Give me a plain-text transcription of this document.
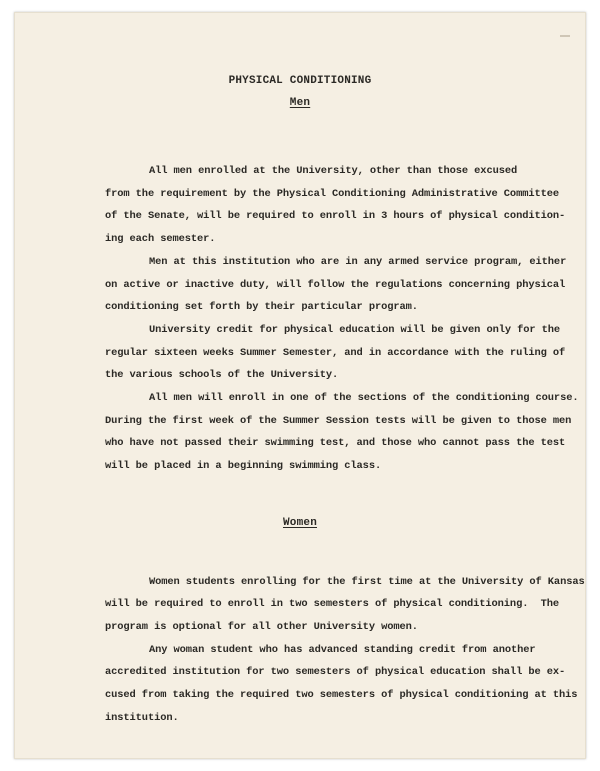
PHYSICAL CONDITIONING
Men
All men enrolled at the University, other than those excused
from the requirement by the Physical Conditioning Administrative Committee
of the Senate, will be required to enroll in 3 hours of physical condition-
ing each semester.
Men at this institution who are in any armed service program, either
on active or inactive duty, will follow the regulations concerning physical
conditioning set forth by their particular program.
University credit for physical education will be given only for the
regular sixteen weeks Summer Semester, and in accordance with the ruling of
the various schools of the University.
All men will enroll in one of the sections of the conditioning course.
During the first week of the Summer Session tests will be given to those men
who have not passed their swimming test, and those who cannot pass the test
will be placed in a beginning swimming class.
Women
Women students enrolling for the first time at the University of Kansas
will be required to enroll in two semesters of physical conditioning.  The
program is optional for all other University women.
Any woman student who has advanced standing credit from another
accredited institution for two semesters of physical education shall be ex-
cused from taking the required two semesters of physical conditioning at this
institution.
